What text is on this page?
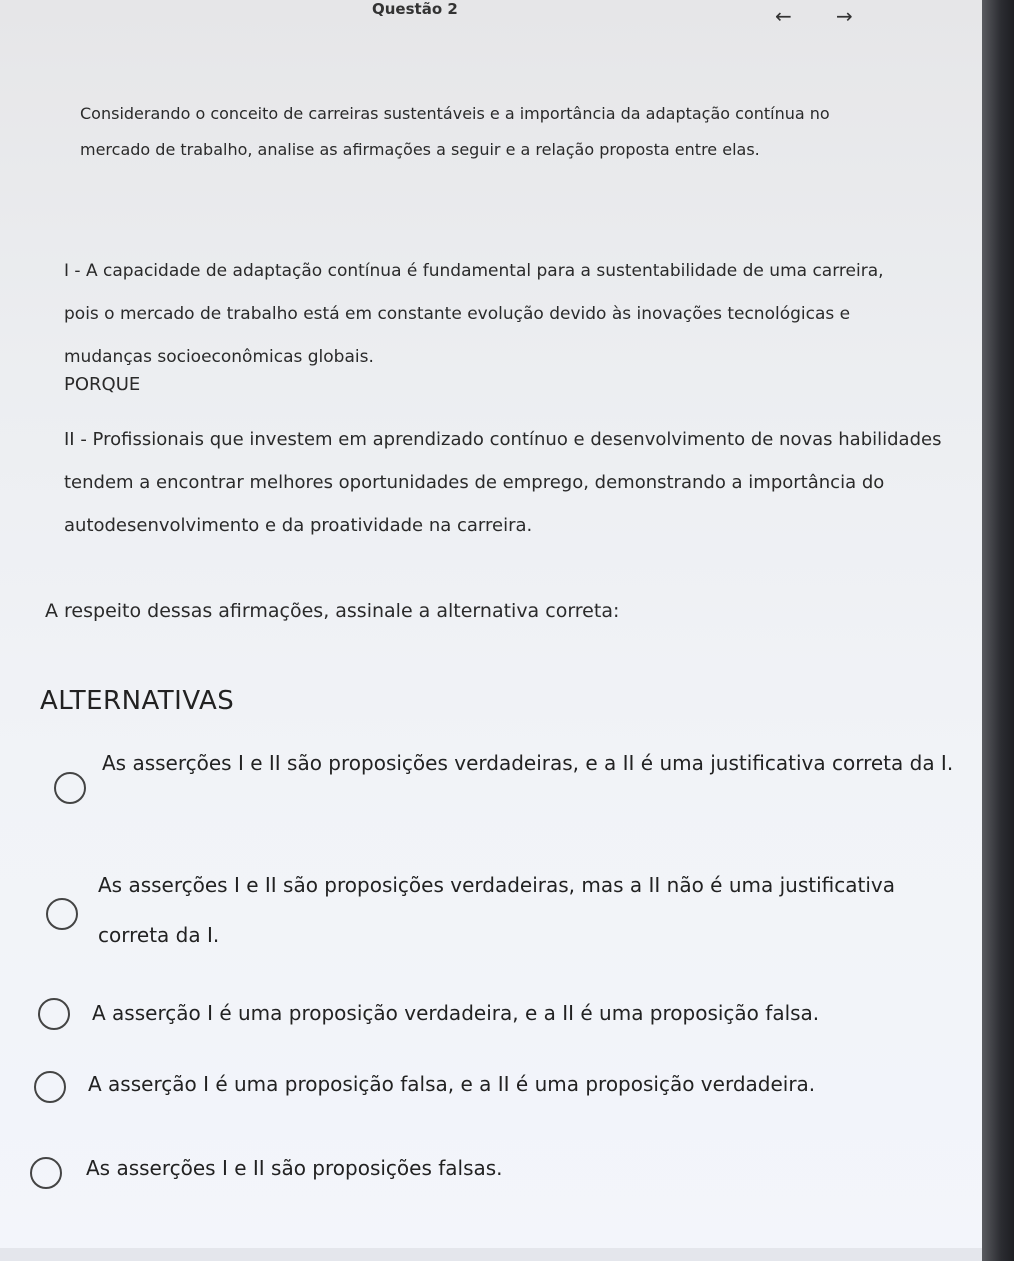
Questão 2	← →
Considerando o conceito de carreiras sustentáveis e a importância da adaptação contínua no mercado de trabalho, analise as afirmações a seguir e a relação proposta entre elas.
I - A capacidade de adaptação contínua é fundamental para a sustentabilidade de uma carreira, pois o mercado de trabalho está em constante evolução devido às inovações tecnológicas e mudanças socioeconômicas globais.
PORQUE
II - Profissionais que investem em aprendizado contínuo e desenvolvimento de novas habilidades tendem a encontrar melhores oportunidades de emprego, demonstrando a importância do autodesenvolvimento e da proatividade na carreira.
A respeito dessas afirmações, assinale a alternativa correta:
ALTERNATIVAS
As asserções I e II são proposições verdadeiras, e a II é uma justificativa correta da I.
As asserções I e II são proposições verdadeiras, mas a II não é uma justificativa correta da I.
A asserção I é uma proposição verdadeira, e a II é uma proposição falsa.
A asserção I é uma proposição falsa, e a II é uma proposição verdadeira.
As asserções I e II são proposições falsas.
